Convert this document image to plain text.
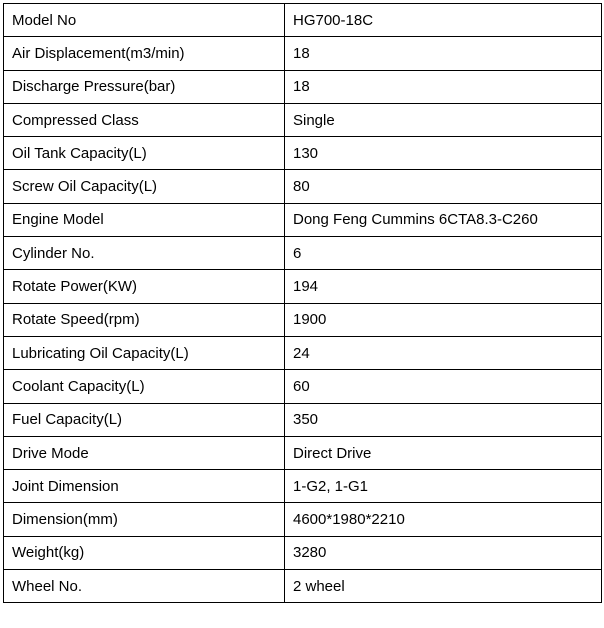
Model No	HG700-18C
Air Displacement(m3/min)	18
Discharge Pressure(bar)	18
Compressed Class	Single
Oil Tank Capacity(L)	130
Screw Oil Capacity(L)	80
Engine Model	Dong Feng Cummins 6CTA8.3-C260
Cylinder No.	6
Rotate Power(KW)	194
Rotate Speed(rpm)	1900
Lubricating Oil Capacity(L)	24
Coolant Capacity(L)	60
Fuel Capacity(L)	350
Drive Mode	Direct Drive
Joint Dimension	1-G2, 1-G1
Dimension(mm)	4600*1980*2210
Weight(kg)	3280
Wheel No.	2 wheel
